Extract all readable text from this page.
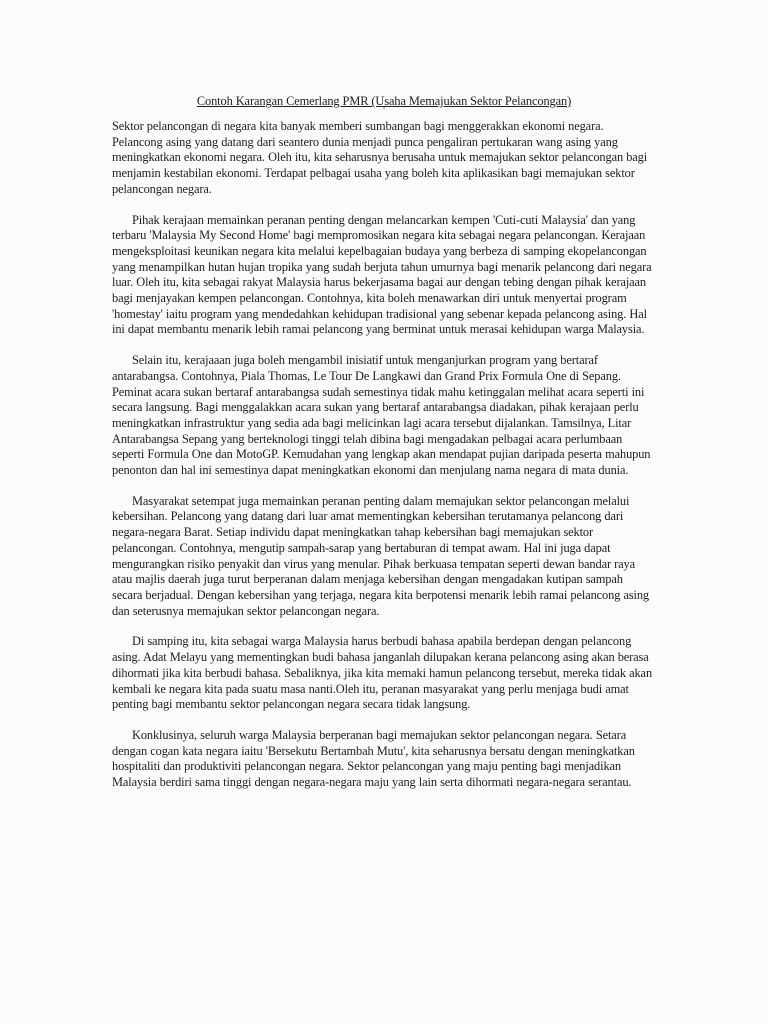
Contoh Karangan Cemerlang PMR (Usaha Memajukan Sektor Pelancongan)
'

Sektor pelancongan di negara kita banyak memberi sumbangan bagi menggerakkan ekonomi negara. Pelancong asing yang datang dari seantero dunia menjadi punca pengaliran pertukaran wang asing yang meningkatkan ekonomi negara. Oleh itu, kita seharusnya berusaha untuk memajukan sektor pelancongan bagi menjamin kestabilan ekonomi. Terdapat pelbagai usaha yang boleh kita aplikasikan bagi memajukan sektor pelancongan negara.

Pihak kerajaan memainkan peranan penting dengan melancarkan kempen 'Cuti-cuti Malaysia' dan yang terbaru 'Malaysia My Second Home' bagi mempromosikan negara kita sebagai negara pelancongan. Kerajaan mengeksploitasi keunikan negara kita melalui kepelbagaian budaya yang berbeza di samping ekopelancongan yang menampilkan hutan hujan tropika yang sudah berjuta tahun umurnya bagi menarik pelancong dari negara luar. Oleh itu, kita sebagai rakyat Malaysia harus bekerjasama bagai aur dengan tebing dengan pihak kerajaan bagi menjayakan kempen pelancongan. Contohnya, kita boleh menawarkan diri untuk menyertai program 'homestay' iaitu program yang mendedahkan kehidupan tradisional yang sebenar kepada pelancong asing. Hal ini dapat membantu menarik lebih ramai pelancong yang berminat untuk merasai kehidupan warga Malaysia.

Selain itu, kerajaaan juga boleh mengambil inisiatif untuk menganjurkan program yang bertaraf antarabangsa. Contohnya, Piala Thomas, Le Tour De Langkawi dan Grand Prix Formula One di Sepang. Peminat acara sukan bertaraf antarabangsa sudah semestinya tidak mahu ketinggalan melihat acara seperti ini secara langsung. Bagi menggalakkan acara sukan yang bertaraf antarabangsa diadakan, pihak kerajaan perlu meningkatkan infrastruktur yang sedia ada bagi melicinkan lagi acara tersebut dijalankan. Tamsilnya, Litar Antarabangsa Sepang yang berteknologi tinggi telah dibina bagi mengadakan pelbagai acara perlumbaan seperti Formula One dan MotoGP. Kemudahan yang lengkap akan mendapat pujian daripada peserta mahupun penonton dan hal ini semestinya dapat meningkatkan ekonomi dan menjulang nama negara di mata dunia.

Masyarakat setempat juga memainkan peranan penting dalam memajukan sektor pelancongan melalui kebersihan. Pelancong yang datang dari luar amat mementingkan kebersihan terutamanya pelancong dari negara-negara Barat. Setiap individu dapat meningkatkan tahap kebersihan bagi memajukan sektor pelancongan. Contohnya, mengutip sampah-sarap yang bertaburan di tempat awam. Hal ini juga dapat mengurangkan risiko penyakit dan virus yang menular. Pihak berkuasa tempatan seperti dewan bandar raya atau majlis daerah juga turut berperanan dalam menjaga kebersihan dengan mengadakan kutipan sampah secara berjadual. Dengan kebersihan yang terjaga, negara kita berpotensi menarik lebih ramai pelancong asing dan seterusnya memajukan sektor pelancongan negara.

Di samping itu, kita sebagai warga Malaysia harus berbudi bahasa apabila berdepan dengan pelancong asing. Adat Melayu yang mementingkan budi bahasa janganlah dilupakan kerana pelancong asing akan berasa dihormati jika kita berbudi bahasa. Sebaliknya, jika kita memaki hamun pelancong tersebut, mereka tidak akan kembali ke negara kita pada suatu masa nanti.Oleh itu, peranan masyarakat yang perlu menjaga budi amat penting bagi membantu sektor pelancongan negara secara tidak langsung.

Konklusinya, seluruh warga Malaysia berperanan bagi memajukan sektor pelancongan negara. Setara dengan cogan kata negara iaitu 'Bersekutu Bertambah Mutu', kita seharusnya bersatu dengan meningkatkan hospitaliti dan produktiviti pelancongan negara. Sektor pelancongan yang maju penting bagi menjadikan Malaysia berdiri sama tinggi dengan negara-negara maju yang lain serta dihormati negara-negara serantau.
